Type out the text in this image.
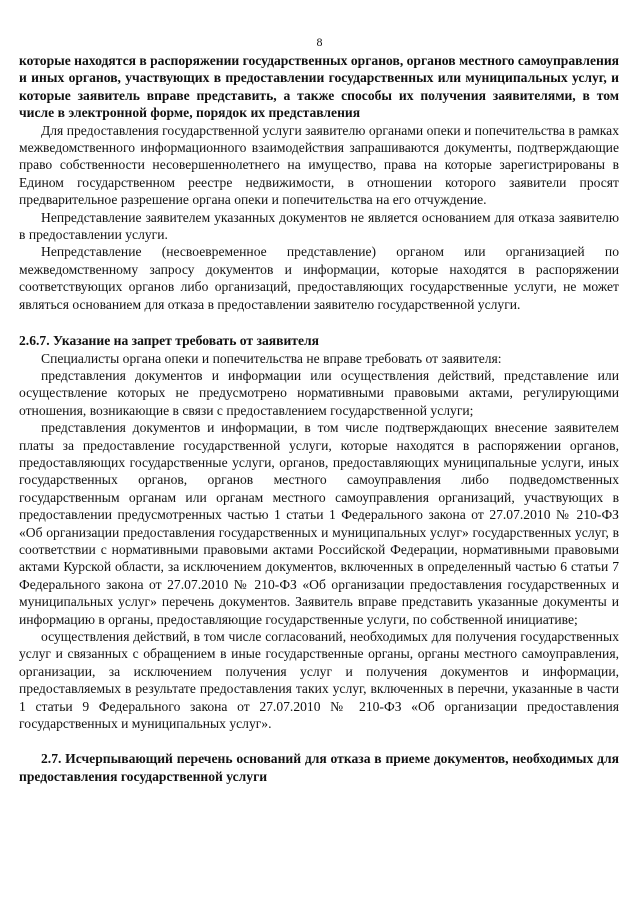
8

которые находятся в распоряжении государственных органов, органов местного самоуправления и иных органов, участвующих в предоставлении государственных или муниципальных услуг, и которые заявитель вправе представить, а также способы их получения заявителями, в том числе в электронной форме, порядок их представления

Для предоставления государственной услуги заявителю органами опеки и попечительства в рамках межведомственного информационного взаимодействия запрашиваются документы, подтверждающие право собственности несовершеннолетнего на имущество, права на которые зарегистрированы в Едином государственном реестре недвижимости, в отношении которого заявители просят предварительное разрешение органа опеки и попечительства на его отчуждение.

Непредставление заявителем указанных документов не является основанием для отказа заявителю в предоставлении услуги.

Непредставление (несвоевременное представление) органом или организацией по межведомственному запросу документов и информации, которые находятся в распоряжении соответствующих органов либо организаций, предоставляющих государственные услуги, не может являться основанием для отказа в предоставлении заявителю государственной услуги.

2.6.7. Указание на запрет требовать от заявителя

Специалисты органа опеки и попечительства не вправе требовать от заявителя:

представления документов и информации или осуществления действий, представление или осуществление которых не предусмотрено нормативными правовыми актами, регулирующими отношения, возникающие в связи с предоставлением государственной услуги;

представления документов и информации, в том числе подтверждающих внесение заявителем платы за предоставление государственной услуги, которые находятся в распоряжении органов, предоставляющих государственные услуги, органов, предоставляющих муниципальные услуги, иных государственных органов, органов местного самоуправления либо подведомственных государственным органам или органам местного самоуправления организаций, участвующих в предоставлении предусмотренных частью 1 статьи 1 Федерального закона от 27.07.2010 № 210-ФЗ «Об организации предоставления государственных и муниципальных услуг» государственных услуг, в соответствии с нормативными правовыми актами Российской Федерации, нормативными правовыми актами Курской области, за исключением документов, включенных в определенный частью 6 статьи 7 Федерального закона от 27.07.2010 № 210-ФЗ «Об организации предоставления государственных и муниципальных услуг» перечень документов. Заявитель вправе представить указанные документы и информацию в органы, предоставляющие государственные услуги, по собственной инициативе;

осуществления действий, в том числе согласований, необходимых для получения государственных услуг и связанных с обращением в иные государственные органы, органы местного самоуправления, организации, за исключением получения услуг и получения документов и информации, предоставляемых в результате предоставления таких услуг, включенных в перечни, указанные в части 1 статьи 9 Федерального закона от 27.07.2010 № 210-ФЗ «Об организации предоставления государственных и муниципальных услуг».

2.7. Исчерпывающий перечень оснований для отказа в приеме документов, необходимых для предоставления государственной услуги
